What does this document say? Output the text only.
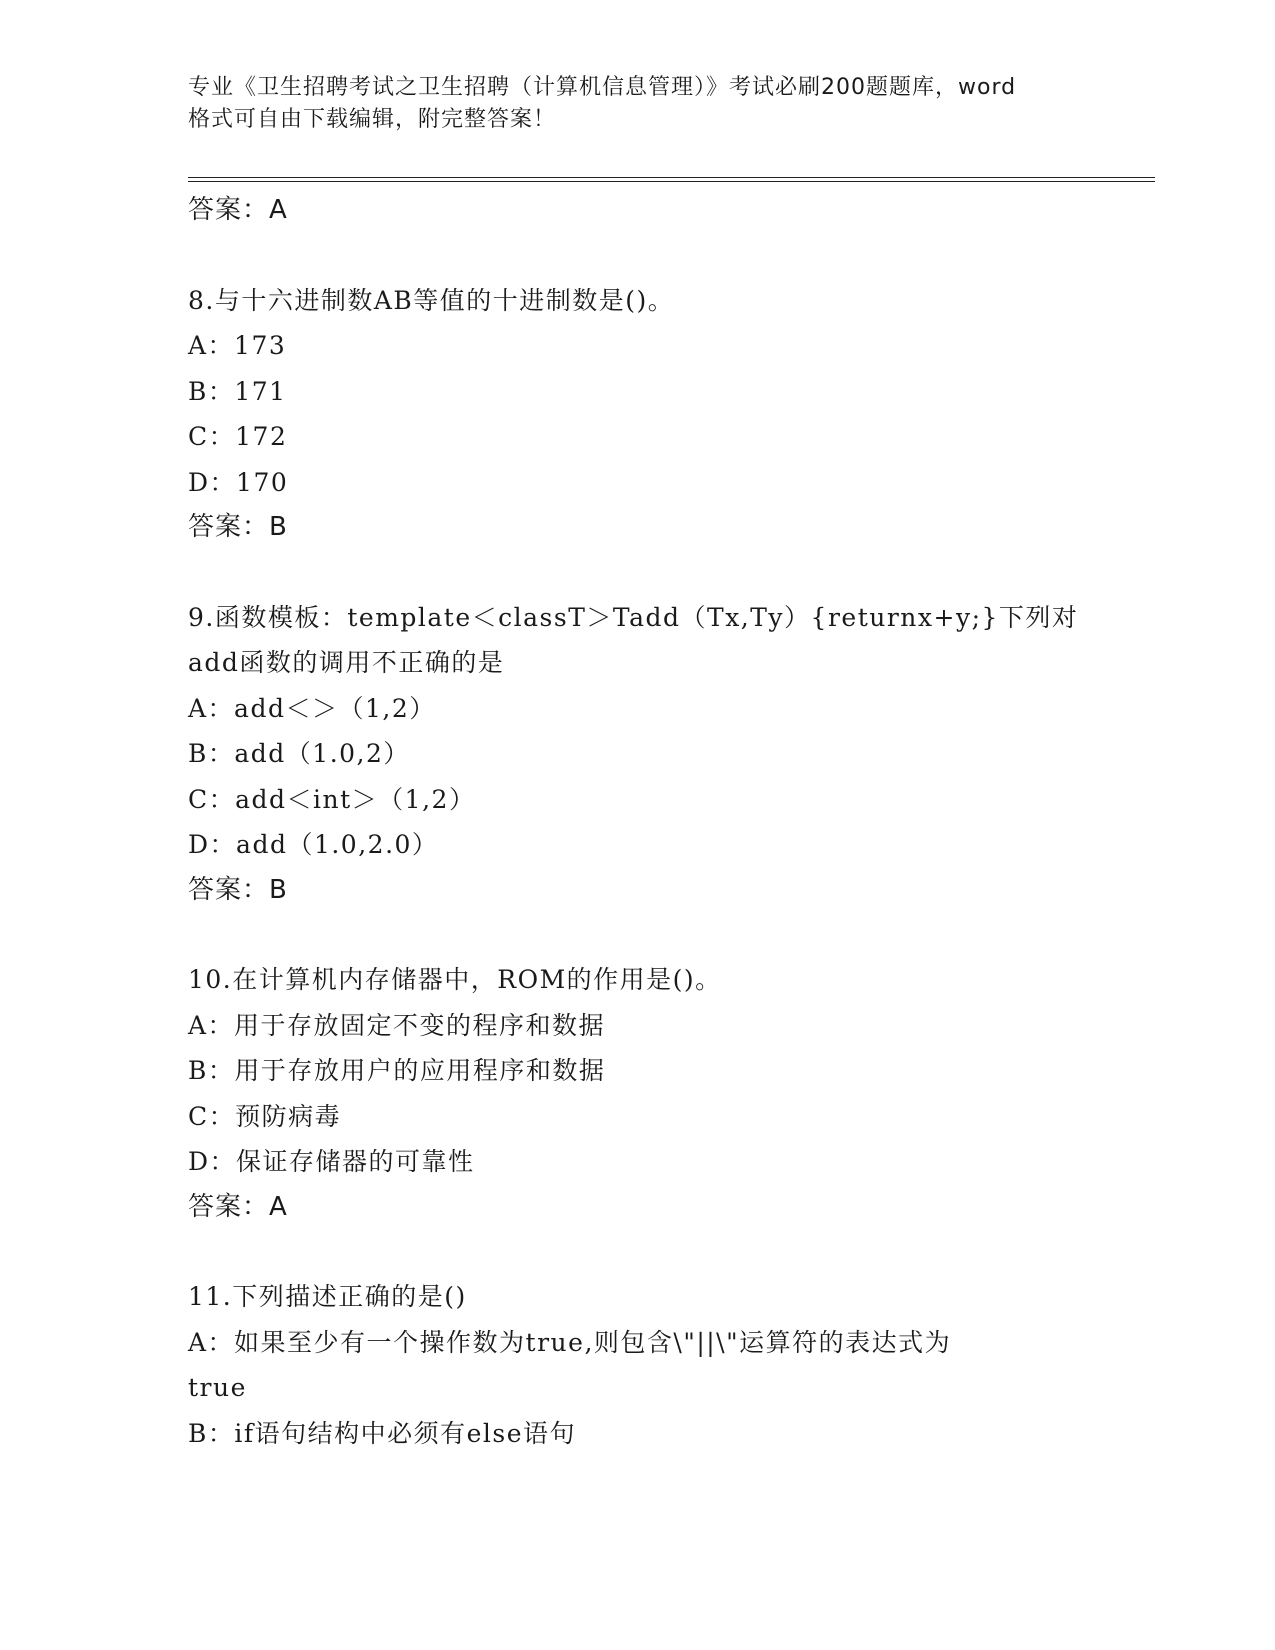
专业《卫生招聘考试之卫生招聘（计算机信息管理）》考试必刷200题题库，word
格式可自由下载编辑，附完整答案！
答案：A
8.与十六进制数AB等值的十进制数是()。
A：173
B：171
C：172
D：170
答案：B
9.函数模板：template＜classT＞Tadd（Tx,Ty）{returnx+y;}下列对
add函数的调用不正确的是
A：add＜＞（1,2）
B：add（1.0,2）
C：add＜int＞（1,2）
D：add（1.0,2.0）
答案：B
10.在计算机内存储器中，ROM的作用是()。
A：用于存放固定不变的程序和数据
B：用于存放用户的应用程序和数据
C：预防病毒
D：保证存储器的可靠性
答案：A
11.下列描述正确的是()
A：如果至少有一个操作数为true,则包含\"||\"运算符的表达式为
true
B：if语句结构中必须有else语句
